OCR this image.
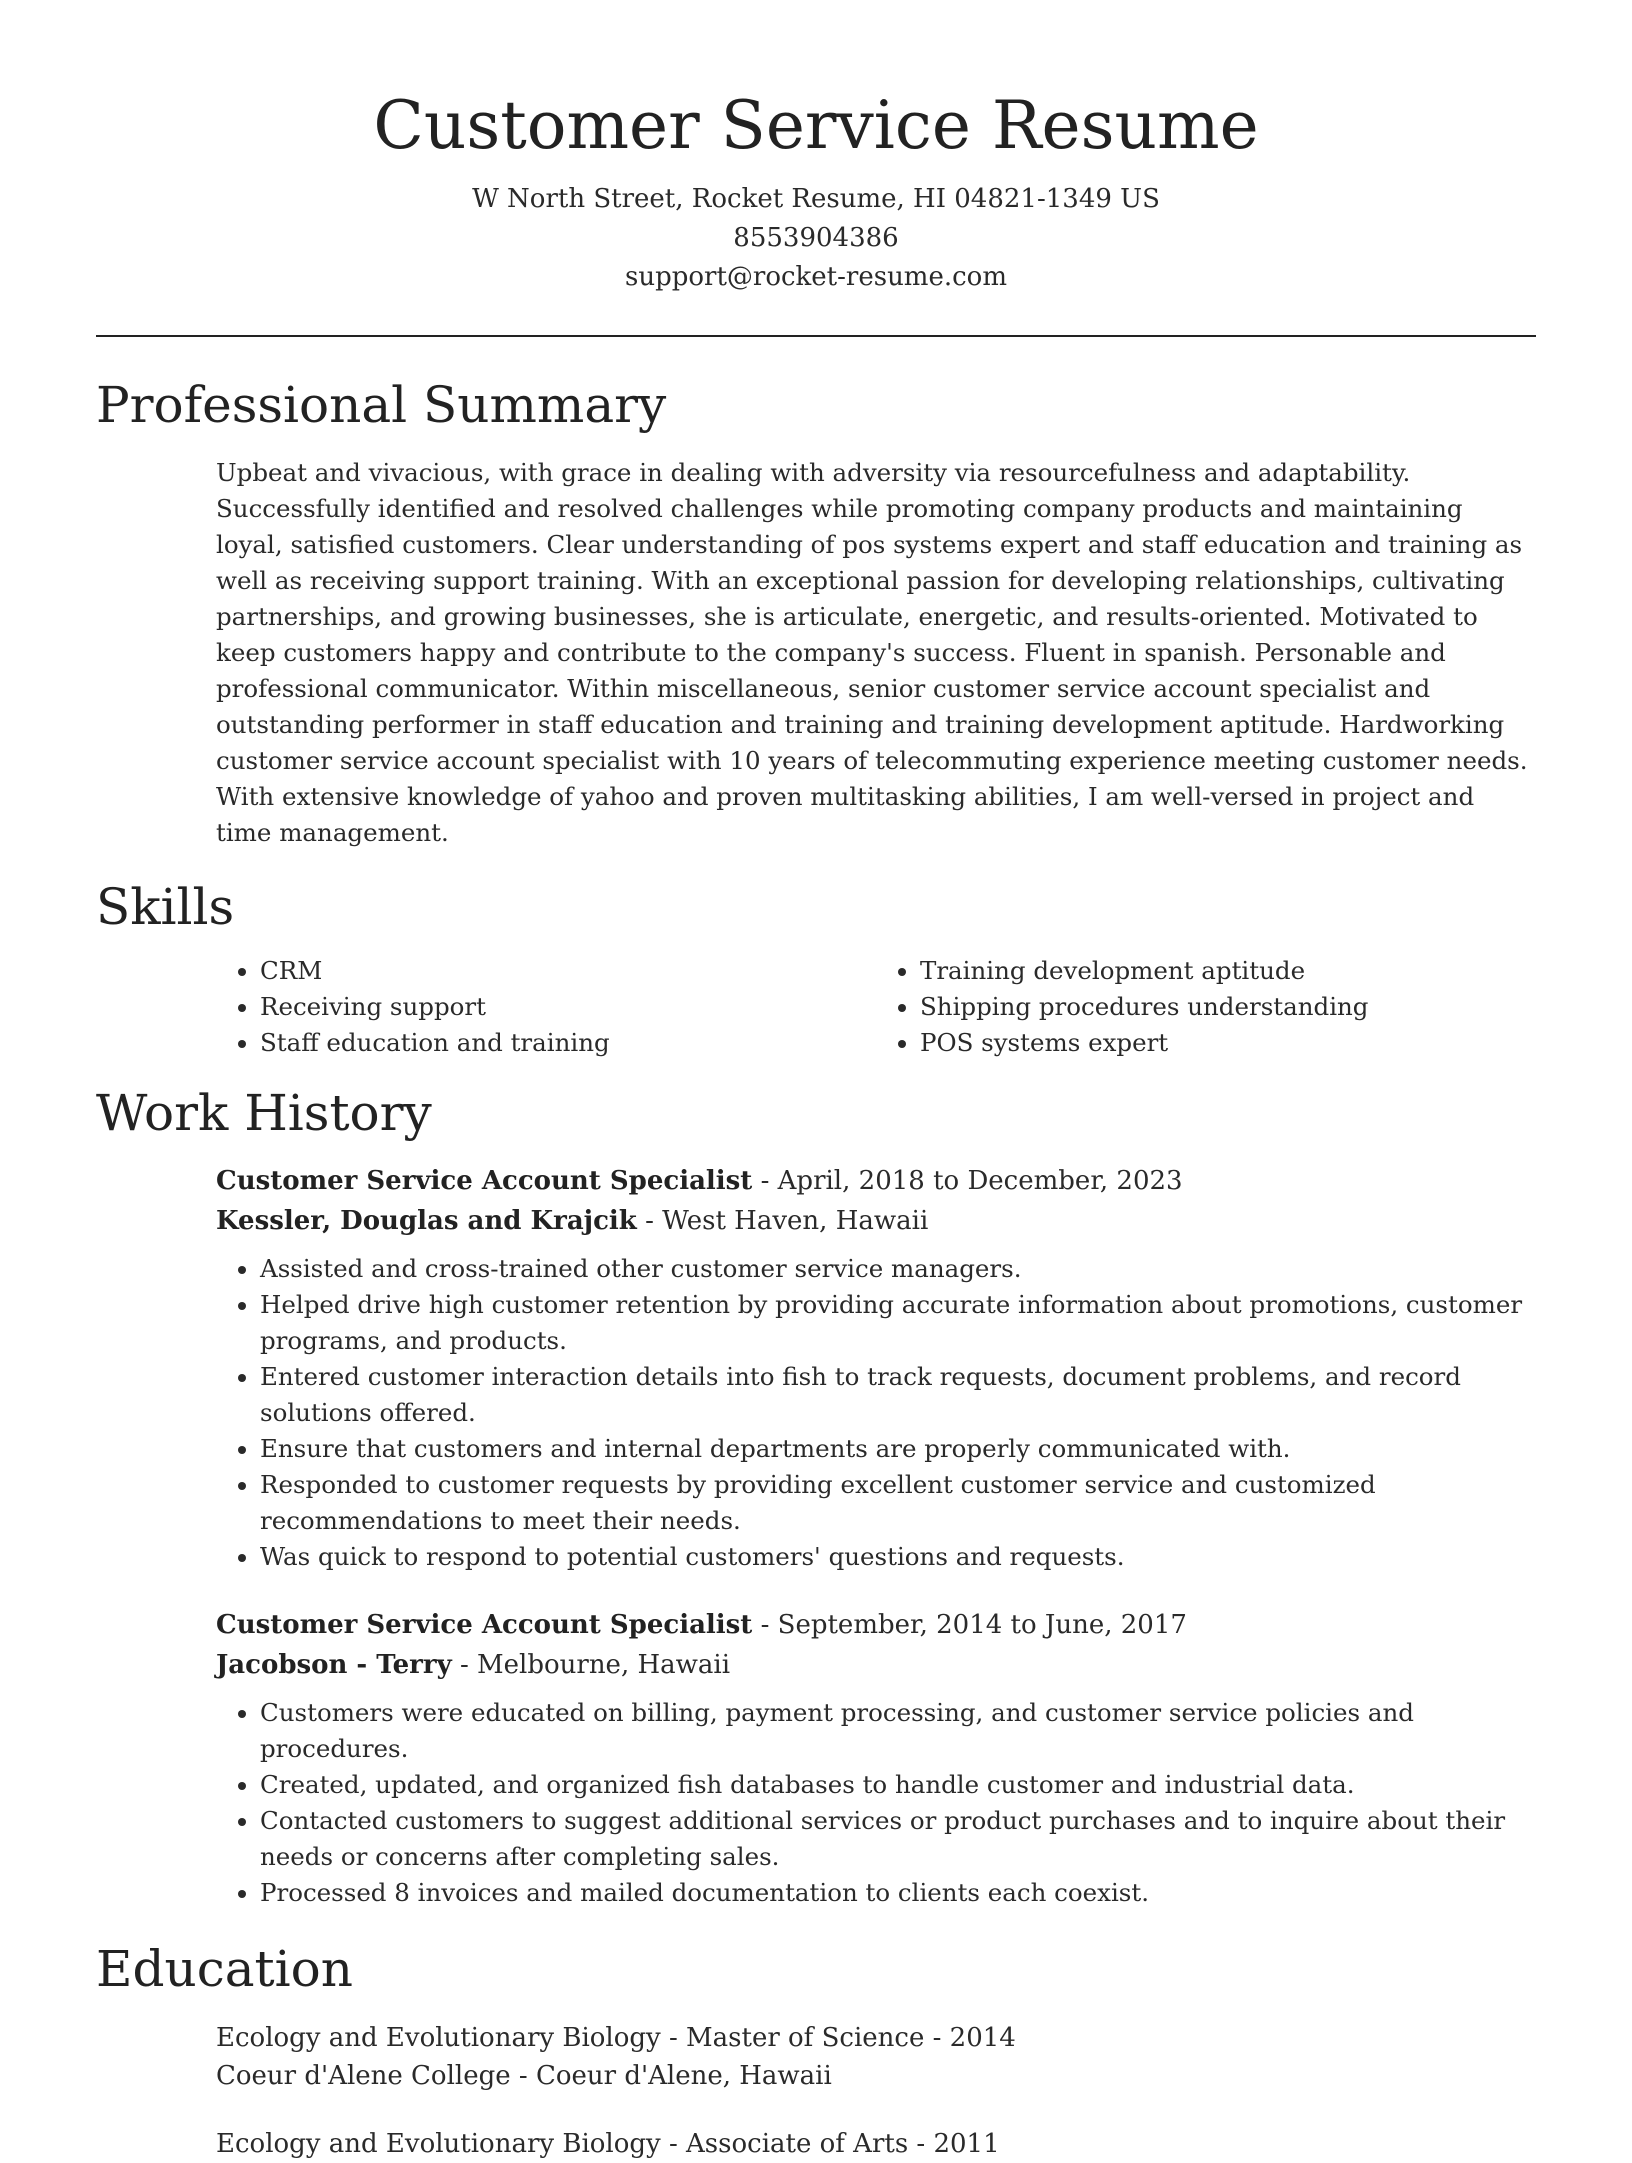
Customer Service Resume
W North Street, Rocket Resume, HI 04821-1349 US
8553904386
support@rocket-resume.com
Professional Summary
Upbeat and vivacious, with grace in dealing with adversity via resourcefulness and adaptability. Successfully identified and resolved challenges while promoting company products and maintaining loyal, satisfied customers. Clear understanding of pos systems expert and staff education and training as well as receiving support training. With an exceptional passion for developing relationships, cultivating partnerships, and growing businesses, she is articulate, energetic, and results-oriented. Motivated to keep customers happy and contribute to the company's success. Fluent in spanish. Personable and professional communicator. Within miscellaneous, senior customer service account specialist and outstanding performer in staff education and training and training development aptitude. Hardworking customer service account specialist with 10 years of telecommuting experience meeting customer needs. With extensive knowledge of yahoo and proven multitasking abilities, I am well-versed in project and time management.
Skills
• CRM
• Receiving support
• Staff education and training
• Training development aptitude
• Shipping procedures understanding
• POS systems expert
Work History
Customer Service Account Specialist - April, 2018 to December, 2023
Kessler, Douglas and Krajcik - West Haven, Hawaii
• Assisted and cross-trained other customer service managers.
• Helped drive high customer retention by providing accurate information about promotions, customer programs, and products.
• Entered customer interaction details into fish to track requests, document problems, and record solutions offered.
• Ensure that customers and internal departments are properly communicated with.
• Responded to customer requests by providing excellent customer service and customized recommendations to meet their needs.
• Was quick to respond to potential customers' questions and requests.
Customer Service Account Specialist - September, 2014 to June, 2017
Jacobson - Terry - Melbourne, Hawaii
• Customers were educated on billing, payment processing, and customer service policies and procedures.
• Created, updated, and organized fish databases to handle customer and industrial data.
• Contacted customers to suggest additional services or product purchases and to inquire about their needs or concerns after completing sales.
• Processed 8 invoices and mailed documentation to clients each coexist.
Education
Ecology and Evolutionary Biology - Master of Science - 2014
Coeur d'Alene College - Coeur d'Alene, Hawaii
Ecology and Evolutionary Biology - Associate of Arts - 2011
